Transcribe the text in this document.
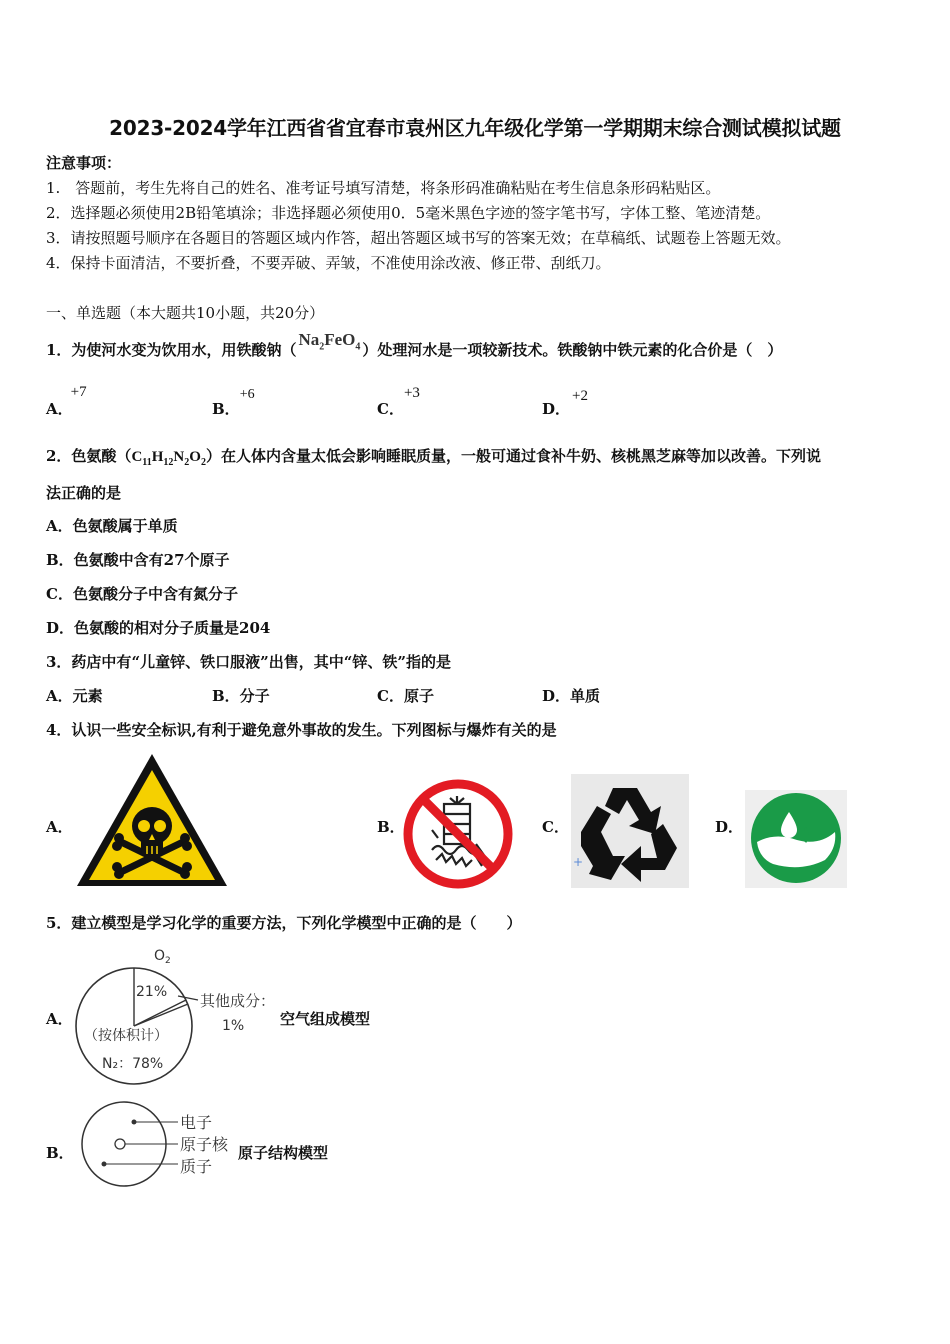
2023-2024学年江西省省宜春市袁州区九年级化学第一学期期末综合测试模拟试题
注意事项：
1.　答题前，考生先将自己的姓名、准考证号填写清楚，将条形码准确粘贴在考生信息条形码粘贴区。
2．选择题必须使用2B铅笔填涂；非选择题必须使用0．5毫米黑色字迹的签字笔书写，字体工整、笔迹清楚。
3．请按照题号顺序在各题目的答题区域内作答，超出答题区域书写的答案无效；在草稿纸、试题卷上答题无效。
4．保持卡面清洁，不要折叠，不要弄破、弄皱，不准使用涂改液、修正带、刮纸刀。
一、单选题（本大题共10小题，共20分）
1．为使河水变为饮用水，用铁酸钠（$Na_2FeO_4$ ）处理河水是一项较新技术。铁酸钠中铁元素的化合价是（　）
A．+7
B．+6
C．+3
D．+2
2．色氨酸$(C_{11}H_{12}N_2O_2)$在人体内含量太低会影响睡眠质量，一般可通过食补牛奶、核桃黑芝麻等加以改善。下列说
法正确的是
A．色氨酸属于单质
B．色氨酸中含有27个原子
C．色氨酸分子中含有氮分子
D．色氨酸的相对分子质量是204
3．药店中有“儿童锌、铁口服液”出售，其中“锌、铁”指的是
A．元素	B．分子	C．原子	D．单质
4．认识一些安全标识,有利于避免意外事故的发生。下列图标与爆炸有关的是
A．	B．	C．
+
D．
5．建立模型是学习化学的重要方法，下列化学模型中正确的是（　　）
A．
$O_2$
21% 其他成分：
1%
（按体积计）
N₂：78%
空气组成模型
B．
电子
原子核
质子
原子结构模型
